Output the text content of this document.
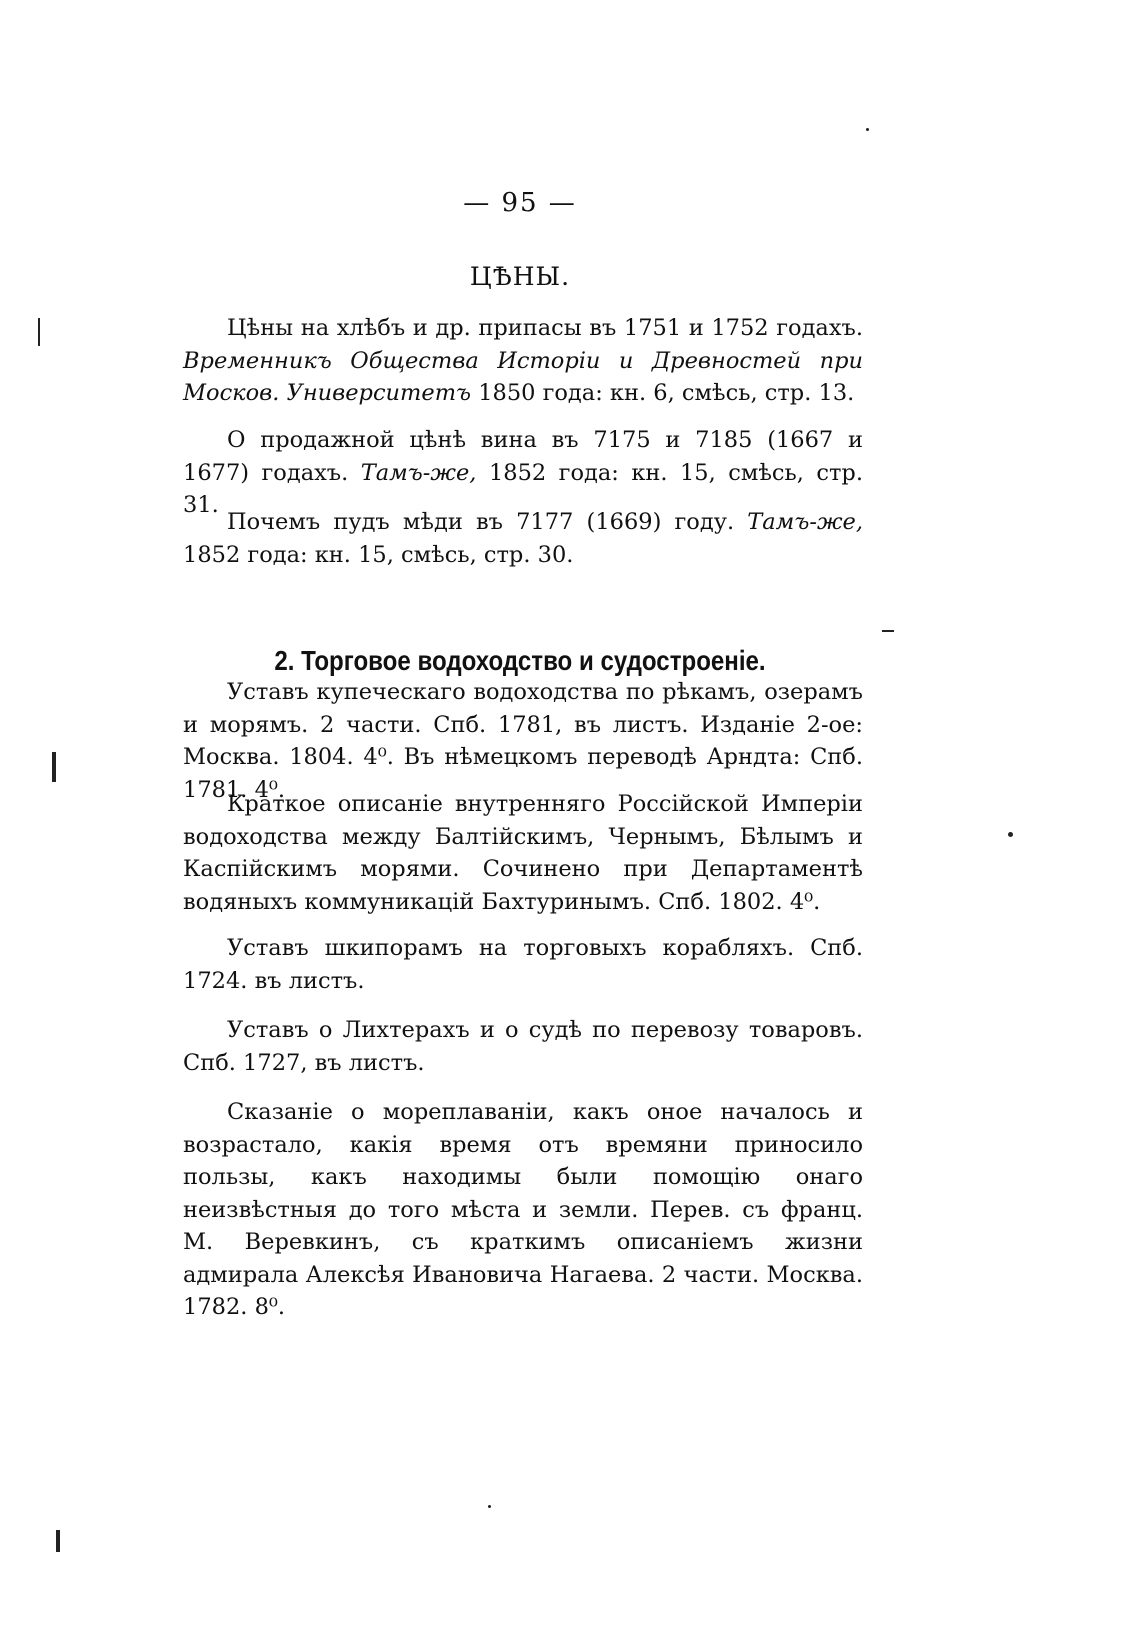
— 95 —
ЦѢНЫ.
Цѣны на хлѣбъ и др. припасы въ 1751 и 1752 годахъ. Временникъ Общества Исторіи и Древностей при Москов. Университетъ 1850 года: кн. 6, смѣсь, стр. 13.
О продажной цѣнѣ вина въ 7175 и 7185 (1667 и 1677) годахъ. Тамъ-же, 1852 года: кн. 15, смѣсь, стр. 31.
Почемъ пудъ мѣди въ 7177 (1669) году. Тамъ-же, 1852 года: кн. 15, смѣсь, стр. 30.
2. Торговое водоходство и судостроеніе.
Уставъ купеческаго водоходства по рѣкамъ, озерамъ и морямъ. 2 части. Спб. 1781, въ листъ. Изданіе 2-ое: Москва. 1804. 4⁰. Въ нѣмецкомъ переводѣ Арндта: Спб. 1781. 4⁰.
Краткое описаніе внутренняго Россійской Имперіи водоходства между Балтійскимъ, Чернымъ, Бѣлымъ и Каспійскимъ морями. Сочинено при Департаментѣ водяныхъ коммуникацій Бахтуринымъ. Спб. 1802. 4⁰.
Уставъ шкипорамъ на торговыхъ корабляхъ. Спб. 1724. въ листъ.
Уставъ о Лихтерахъ и о судѣ по перевозу товаровъ. Спб. 1727, въ листъ.
Сказаніе о мореплаваніи, какъ оное началось и возрастало, какія время отъ времяни приносило пользы, какъ находимы были помощію онаго неизвѣстныя до того мѣста и земли. Перев. съ франц. М. Веревкинъ, съ краткимъ описаніемъ жизни адмирала Алексѣя Ивановича Нагаева. 2 части. Москва. 1782. 8⁰.
